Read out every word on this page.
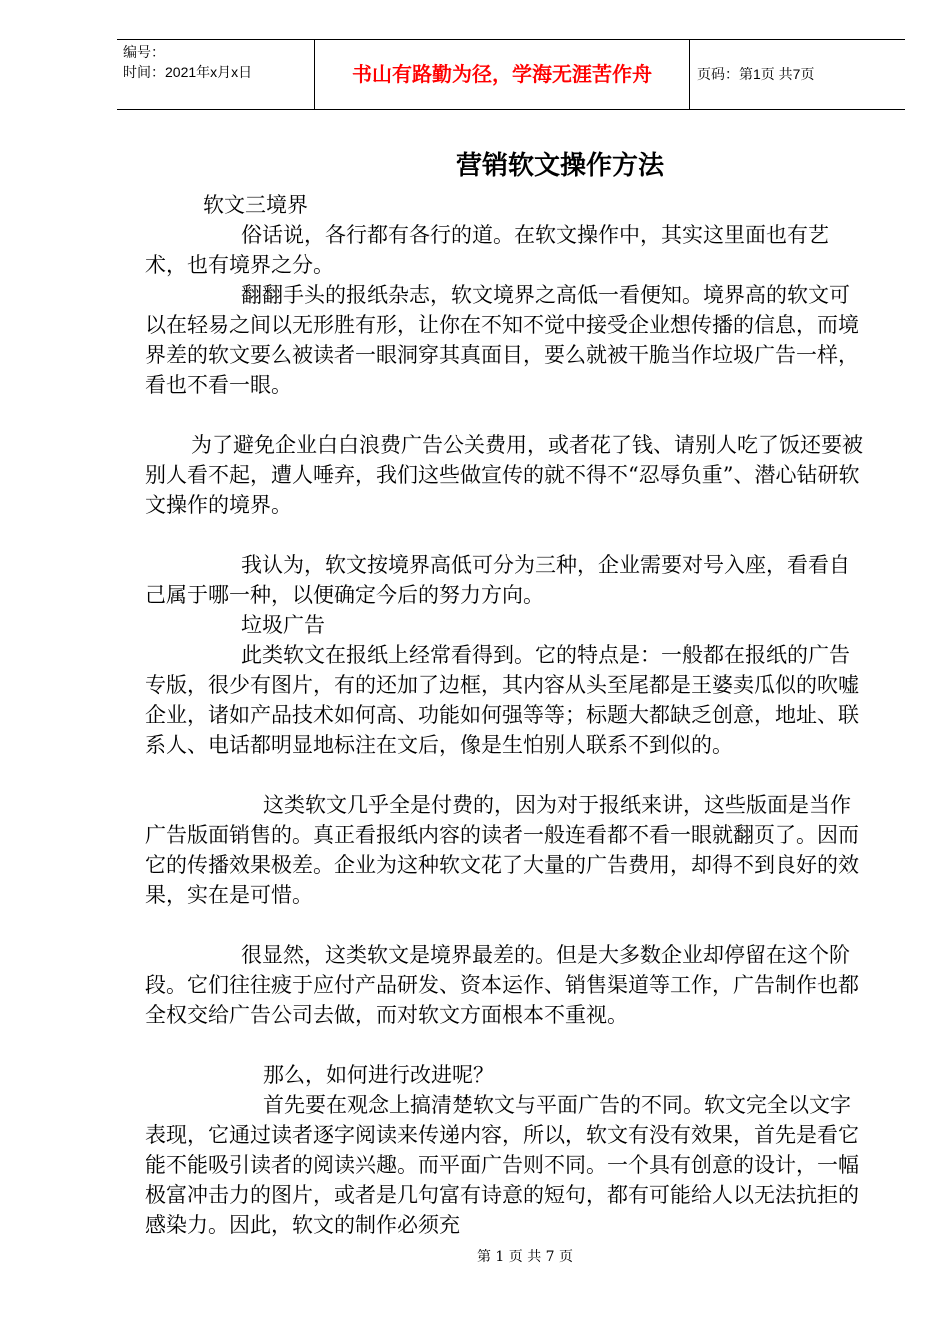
编号：
时间：2021年x月x日	书山有路勤为径，学海无涯苦作舟	页码：第1页 共7页
营销软文操作方法

软文三境界

俗话说，各行都有各行的道。在软文操作中，其实这里面也有艺术，也有境界之分。

翻翻手头的报纸杂志，软文境界之高低一看便知。境界高的软文可以在轻易之间以无形胜有形，让你在不知不觉中接受企业想传播的信息，而境界差的软文要么被读者一眼洞穿其真面目，要么就被干脆当作垃圾广告一样，看也不看一眼。

为了避免企业白白浪费广告公关费用，或者花了钱、请别人吃了饭还要被别人看不起，遭人唾弃，我们这些做宣传的就不得不“忍辱负重”、潜心钻研软文操作的境界。

我认为，软文按境界高低可分为三种，企业需要对号入座，看看自己属于哪一种，以便确定今后的努力方向。

垃圾广告

此类软文在报纸上经常看得到。它的特点是：一般都在报纸的广告专版，很少有图片，有的还加了边框，其内容从头至尾都是王婆卖瓜似的吹嘘企业，诸如产品技术如何高、功能如何强等等；标题大都缺乏创意，地址、联系人、电话都明显地标注在文后，像是生怕别人联系不到似的。

这类软文几乎全是付费的，因为对于报纸来讲，这些版面是当作广告版面销售的。真正看报纸内容的读者一般连看都不看一眼就翻页了。因而它的传播效果极差。企业为这种软文花了大量的广告费用，却得不到良好的效果，实在是可惜。

很显然，这类软文是境界最差的。但是大多数企业却停留在这个阶段。它们往往疲于应付产品研发、资本运作、销售渠道等工作，广告制作也都全权交给广告公司去做，而对软文方面根本不重视。

那么，如何进行改进呢？

首先要在观念上搞清楚软文与平面广告的不同。软文完全以文字表现，它通过读者逐字阅读来传递内容，所以，软文有没有效果，首先是看它能不能吸引读者的阅读兴趣。而平面广告则不同。一个具有创意的设计，一幅极富冲击力的图片，或者是几句富有诗意的短句，都有可能给人以无法抗拒的感染力。因此，软文的制作必须充

第 1 页 共 7 页
